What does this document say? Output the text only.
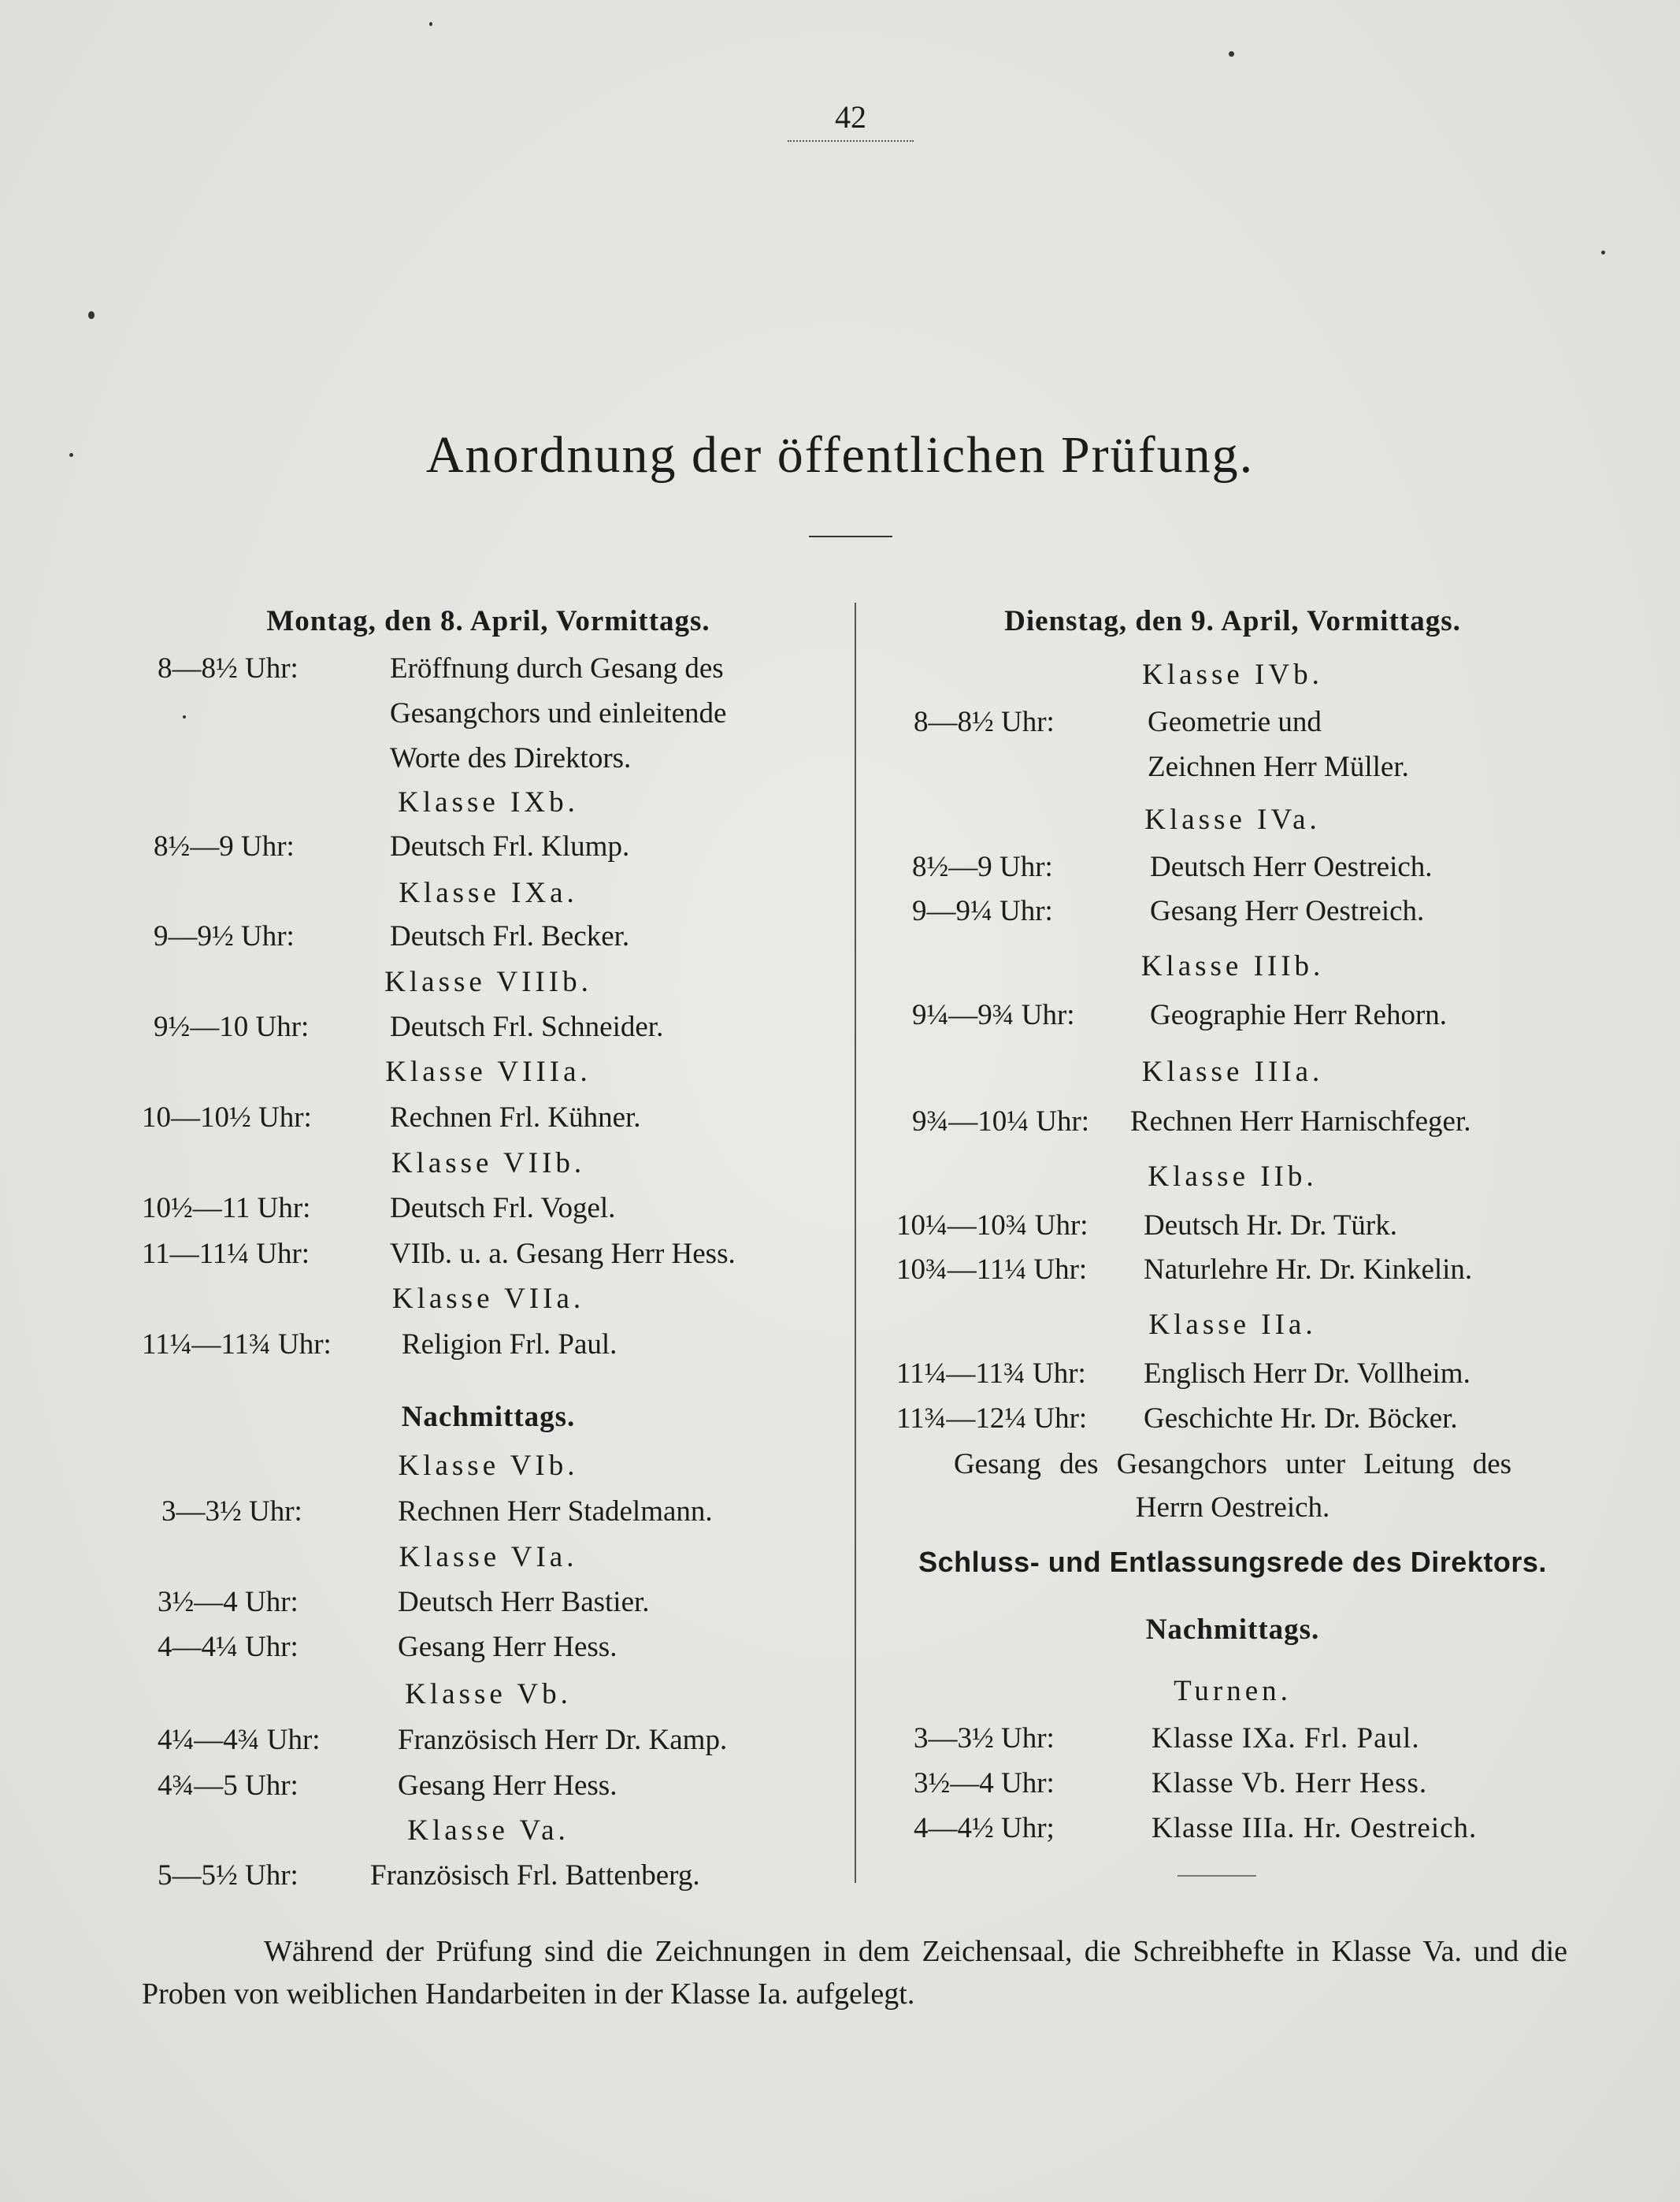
42
Anordnung der öffentlichen Prüfung.
Montag, den 8. April, Vormittags.
8—8½ Uhr:	Eröffnung durch Gesang des
Gesangchors und einleitende
Worte des Direktors.
Klasse IXb.
8½—9 Uhr:	Deutsch Frl. Klump.
Klasse IXa.
9—9½ Uhr:	Deutsch Frl. Becker.
Klasse VIIIb.
9½—10 Uhr:	Deutsch Frl. Schneider.
Klasse VIIIa.
10—10½ Uhr:	Rechnen Frl. Kühner.
Klasse VIIb.
10½—11 Uhr:	Deutsch Frl. Vogel.
11—11¼ Uhr:	VIIb. u. a. Gesang Herr Hess.
Klasse VIIa.
11¼—11¾ Uhr: Religion Frl. Paul.
Nachmittags.
Klasse VIb.
3—3½ Uhr:	Rechnen Herr Stadelmann.
Klasse VIa.
3½—4 Uhr:	Deutsch Herr Bastier.
4—4¼ Uhr:	Gesang Herr Hess.
Klasse Vb.
4¼—4¾ Uhr:	Französisch Herr Dr. Kamp.
4¾—5 Uhr:	Gesang Herr Hess.
Klasse Va.
5—5½ Uhr: Französisch Frl. Battenberg.
Dienstag, den 9. April, Vormittags.
Klasse IVb.
8—8½ Uhr:	Geometrie und
Zeichnen Herr Müller.
Klasse IVa.
8½—9 Uhr:	Deutsch Herr Oestreich.
9—9¼ Uhr:	Gesang Herr Oestreich.
Klasse IIIb.
9¼—9¾ Uhr:	Geographie Herr Rehorn.
Klasse IIIa.
9¾—10¼ Uhr: Rechnen Herr Harnischfeger.
Klasse IIb.
10¼—10¾ Uhr: Deutsch Hr. Dr. Türk.
10¾—11¼ Uhr: Naturlehre Hr. Dr. Kinkelin.
Klasse IIa.
11¼—11¾ Uhr: Englisch Herr Dr. Vollheim.
11¾—12¼ Uhr: Geschichte Hr. Dr. Böcker.
Gesang des Gesangchors unter Leitung des
Herrn Oestreich.
Schluss- und Entlassungsrede des Direktors.
Nachmittags.
Turnen.
3—3½ Uhr:	Klasse IXa. Frl. Paul.
3½—4 Uhr:	Klasse Vb. Herr Hess.
4—4½ Uhr;	Klasse IIIa. Hr. Oestreich.
Während der Prüfung sind die Zeichnungen in dem Zeichensaal, die Schreibhefte in Klasse Va. und die Proben von weiblichen Handarbeiten in der Klasse Ia. aufgelegt.
